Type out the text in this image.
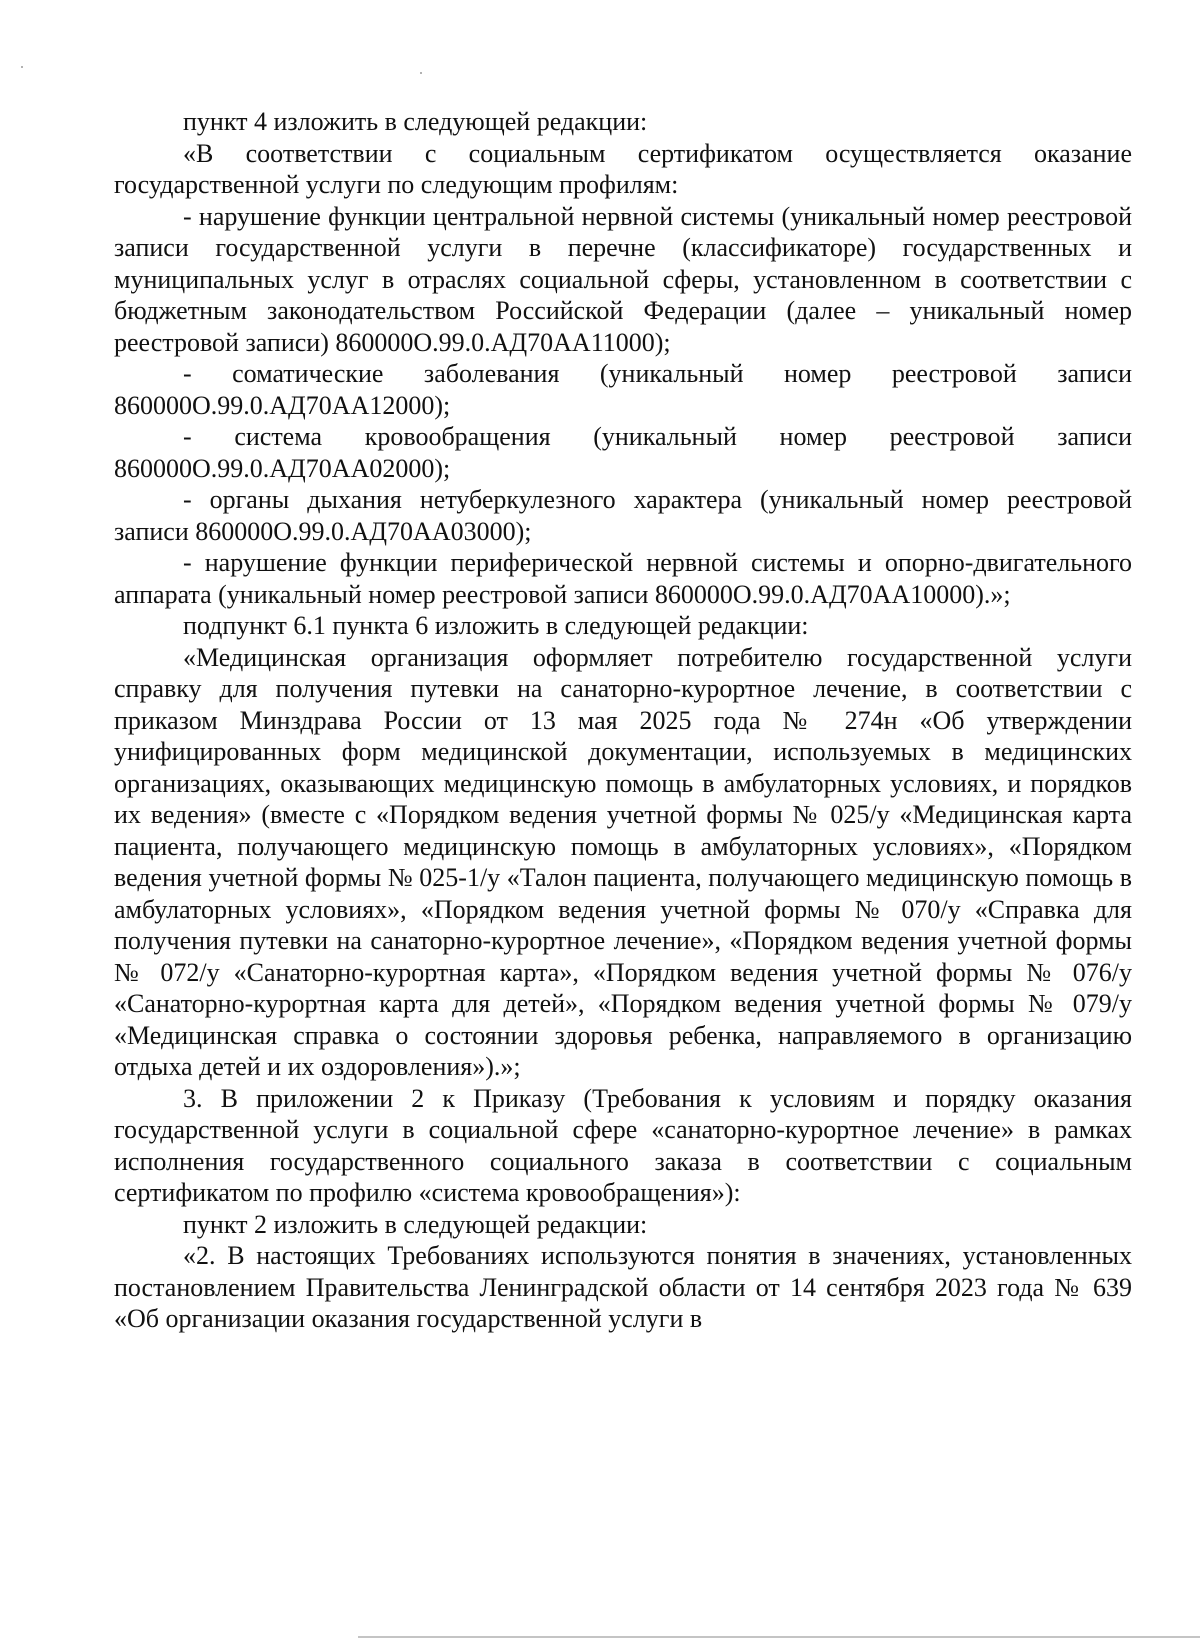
пункт 4 изложить в следующей редакции:

«В соответствии с социальным сертификатом осуществляется оказание государственной услуги по следующим профилям:

- нарушение функции центральной нервной системы (уникальный номер реестровой записи государственной услуги в перечне (классификаторе) государственных и муниципальных услуг в отраслях социальной сферы, установленном в соответствии с бюджетным законодательством Российской Федерации (далее – уникальный номер реестровой записи) 860000О.99.0.АД70АА11000);

- соматические заболевания (уникальный номер реестровой записи 860000О.99.0.АД70АА12000);

- система кровообращения (уникальный номер реестровой записи 860000О.99.0.АД70АА02000);

- органы дыхания нетуберкулезного характера (уникальный номер реестровой записи 860000О.99.0.АД70АА03000);

- нарушение функции периферической нервной системы и опорно-двигательного аппарата (уникальный номер реестровой записи 860000О.99.0.АД70АА10000).»;

подпункт 6.1 пункта 6 изложить в следующей редакции:

«Медицинская организация оформляет потребителю государственной услуги справку для получения путевки на санаторно-курортное лечение, в соответствии с приказом Минздрава России от 13 мая 2025 года № 274н «Об утверждении унифицированных форм медицинской документации, используемых в медицинских организациях, оказывающих медицинскую помощь в амбулаторных условиях, и порядков их ведения» (вместе с «Порядком ведения учетной формы № 025/у «Медицинская карта пациента, получающего медицинскую помощь в амбулаторных условиях», «Порядком ведения учетной формы № 025-1/у «Талон пациента, получающего медицинскую помощь в амбулаторных условиях», «Порядком ведения учетной формы № 070/у «Справка для получения путевки на санаторно-курортное лечение», «Порядком ведения учетной формы № 072/у «Санаторно-курортная карта», «Порядком ведения учетной формы № 076/у «Санаторно-курортная карта для детей», «Порядком ведения учетной формы № 079/у «Медицинская справка о состоянии здоровья ребенка, направляемого в организацию отдыха детей и их оздоровления»).»;

3. В приложении 2 к Приказу (Требования к условиям и порядку оказания государственной услуги в социальной сфере «санаторно-курортное лечение» в рамках исполнения государственного социального заказа в соответствии с социальным сертификатом по профилю «система кровообращения»):

пункт 2 изложить в следующей редакции:

«2. В настоящих Требованиях используются понятия в значениях, установленных постановлением Правительства Ленинградской области от 14 сентября 2023 года № 639 «Об организации оказания государственной услуги в
